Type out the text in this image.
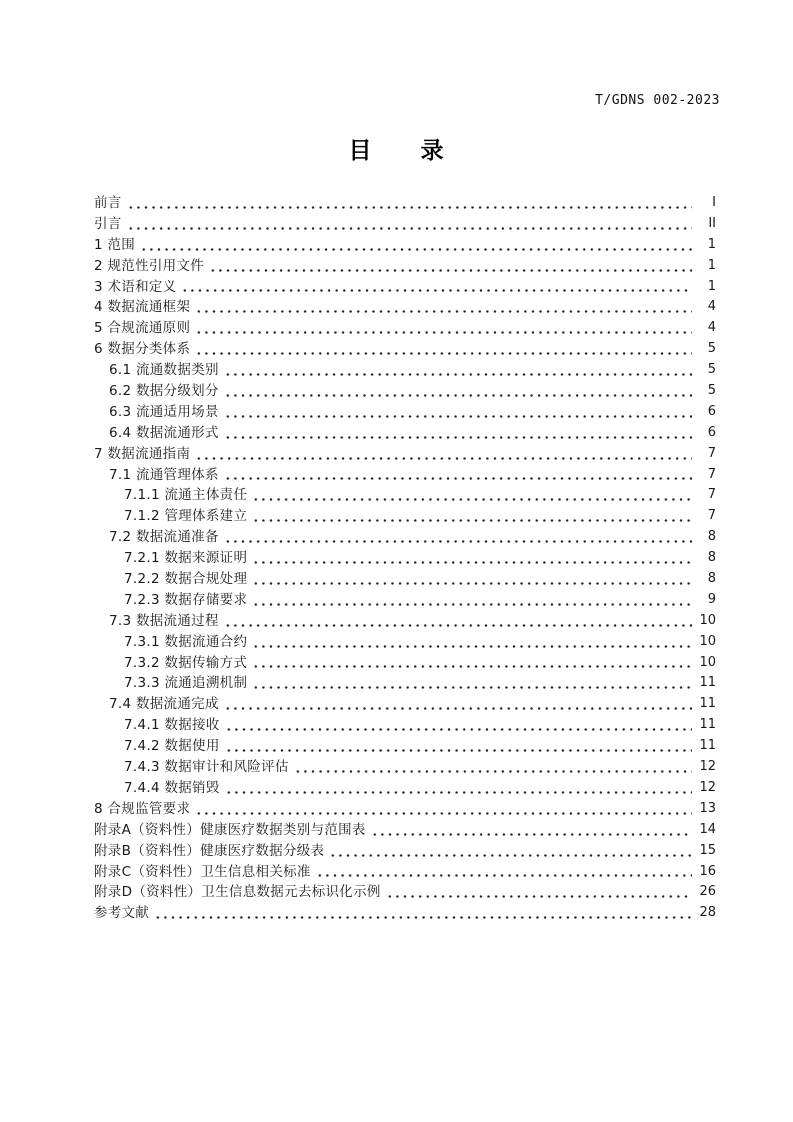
T/GDNS 002-2023
目　　录
前言	I
引言	II
1 范围	1
2 规范性引用文件	1
3 术语和定义	1
4 数据流通框架	4
5 合规流通原则	4
6 数据分类体系	5
6.1 流通数据类别	5
6.2 数据分级划分	5
6.3 流通适用场景	6
6.4 数据流通形式	6
7 数据流通指南	7
7.1 流通管理体系	7
7.1.1 流通主体责任	7
7.1.2 管理体系建立	7
7.2 数据流通准备	8
7.2.1 数据来源证明	8
7.2.2 数据合规处理	8
7.2.3 数据存储要求	9
7.3 数据流通过程	10
7.3.1 数据流通合约	10
7.3.2 数据传输方式	10
7.3.3 流通追溯机制	11
7.4 数据流通完成	11
7.4.1 数据接收	11
7.4.2 数据使用	11
7.4.3 数据审计和风险评估	12
7.4.4 数据销毁	12
8 合规监管要求	13
附录A（资料性）健康医疗数据类别与范围表	14
附录B（资料性）健康医疗数据分级表	15
附录C（资料性）卫生信息相关标准	16
附录D（资料性）卫生信息数据元去标识化示例	26
参考文献	28
